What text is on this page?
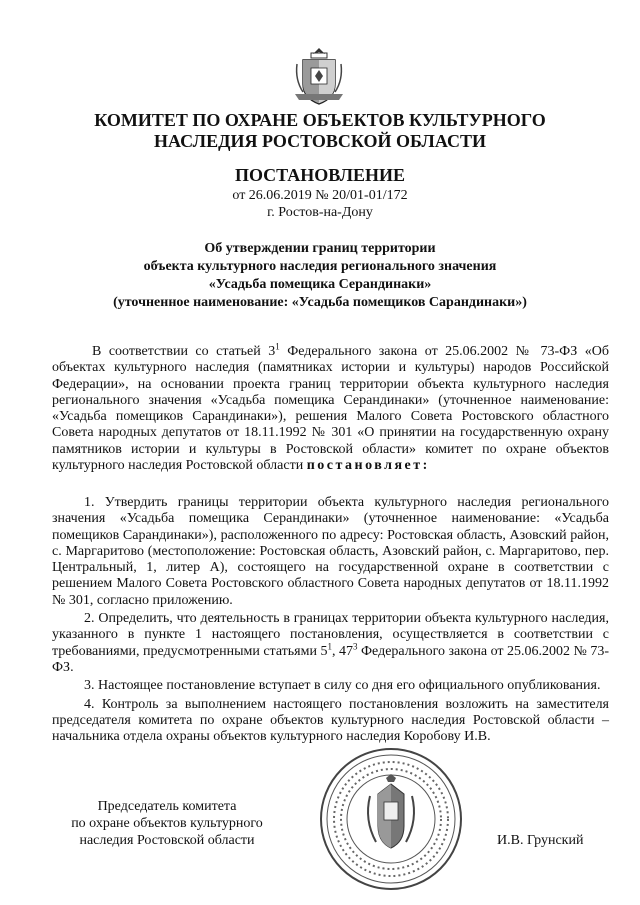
КОМИТЕТ ПО ОХРАНЕ ОБЪЕКТОВ КУЛЬТУРНОГО
НАСЛЕДИЯ РОСТОВСКОЙ ОБЛАСТИ
ПОСТАНОВЛЕНИЕ
от 26.06.2019 № 20/01-01/172
г. Ростов-на-Дону
Об утверждении границ территории
объекта культурного наследия регионального значения
«Усадьба помещика Серандинаки»
(уточненное наименование: «Усадьба помещиков Сарандинаки»)
В соответствии со статьей $3^1$ Федерального закона от 25.06.2002 № 73-ФЗ «Об объектах культурного наследия (памятниках истории и культуры) народов Российской Федерации», на основании проекта границ территории объекта культурного наследия регионального значения «Усадьба помещика Серандинаки» (уточненное наименование: «Усадьба помещиков Сарандинаки»), решения Малого Совета Ростовского областного Совета народных депутатов от 18.11.1992 № 301 «О принятии на государственную охрану памятников истории и культуры в Ростовской области» комитет по охране объектов культурного наследия Ростовской области постановляет:

1. Утвердить границы территории объекта культурного наследия регионального значения «Усадьба помещика Серандинаки» (уточненное наименование: «Усадьба помещиков Сарандинаки»), расположенного по адресу: Ростовская область, Азовский район, с. Маргаритово (местоположение: Ростовская область, Азовский район, с. Маргаритово, пер. Центральный, 1, литер А), состоящего на государственной охране в соответствии с решением Малого Совета Ростовского областного Совета народных депутатов от 18.11.1992 № 301, согласно приложению.

2. Определить, что деятельность в границах территории объекта культурного наследия, указанного в пункте 1 настоящего постановления, осуществляется в соответствии с требованиями, предусмотренными статьями $5^1$, $47^3$ Федерального закона от 25.06.2002 № 73-ФЗ.

3. Настоящее постановление вступает в силу со дня его официального опубликования.

4. Контроль за выполнением настоящего постановления возложить на заместителя председателя комитета по охране объектов культурного наследия Ростовской области – начальника отдела охраны объектов культурного наследия Коробову И.В.

Председатель комитета
по охране объектов культурного
наследия Ростовской области	И.В. Грунский
